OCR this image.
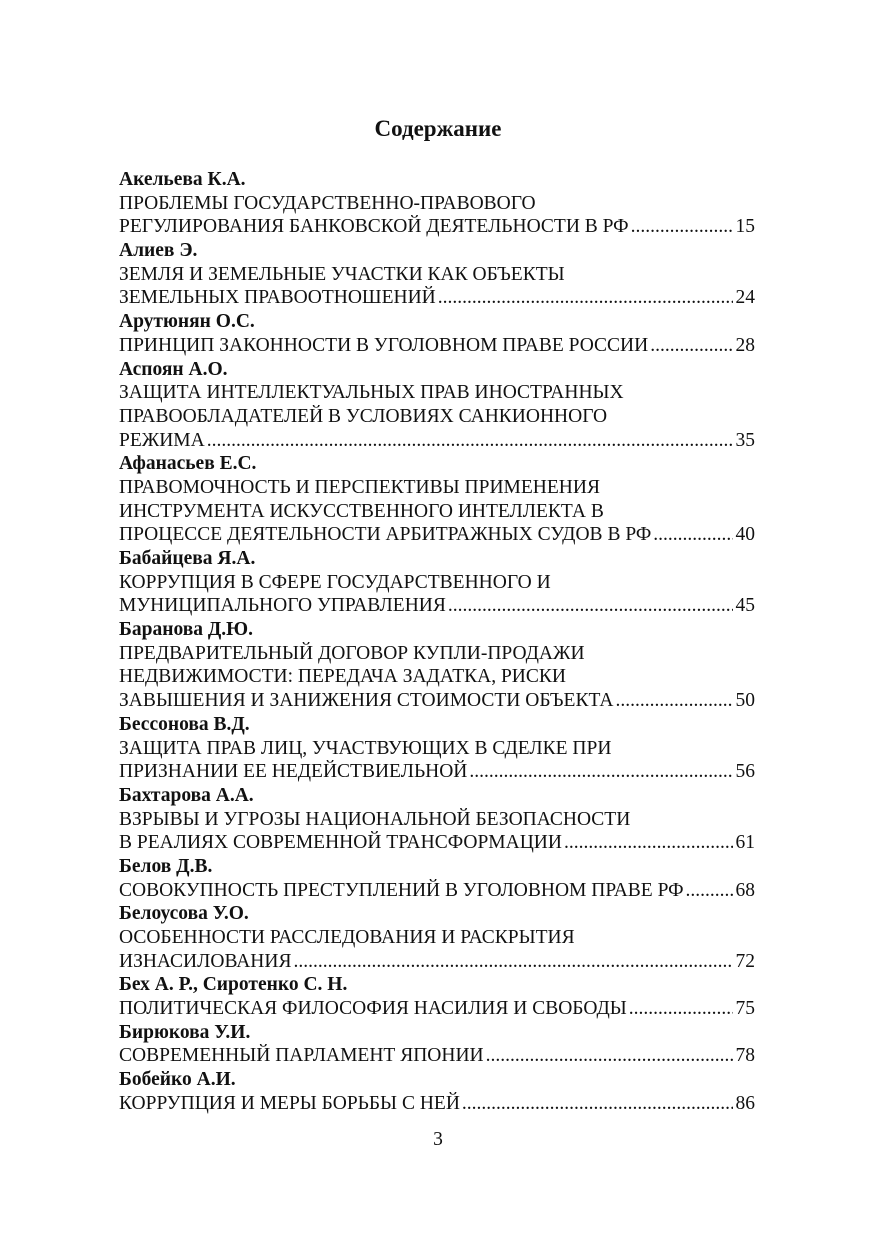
Содержание
Акельева К.А.
ПРОБЛЕМЫ ГОСУДАРСТВЕННО-ПРАВОВОГО
РЕГУЛИРОВАНИЯ БАНКОВСКОЙ ДЕЯТЕЛЬНОСТИ В РФ .....	15
Алиев Э.
ЗЕМЛЯ И ЗЕМЕЛЬНЫЕ УЧАСТКИ КАК ОБЪЕКТЫ
ЗЕМЕЛЬНЫХ ПРАВООТНОШЕНИЙ .....	24
Арутюнян О.С.
ПРИНЦИП ЗАКОННОСТИ В УГОЛОВНОМ ПРАВЕ РОССИИ .....	28
Аспоян А.О.
ЗАЩИТА ИНТЕЛЛЕКТУАЛЬНЫХ ПРАВ ИНОСТРАННЫХ
ПРАВООБЛАДАТЕЛЕЙ В УСЛОВИЯХ САНКИОННОГО
РЕЖИМА .....	35
Афанасьев Е.С.
ПРАВОМОЧНОСТЬ И ПЕРСПЕКТИВЫ ПРИМЕНЕНИЯ
ИНСТРУМЕНТА ИСКУССТВЕННОГО ИНТЕЛЛЕКТА В
ПРОЦЕССЕ ДЕЯТЕЛЬНОСТИ АРБИТРАЖНЫХ СУДОВ В РФ .....	40
Бабайцева Я.А.
КОРРУПЦИЯ В СФЕРЕ ГОСУДАРСТВЕННОГО И
МУНИЦИПАЛЬНОГО УПРАВЛЕНИЯ .....	45
Баранова Д.Ю.
ПРЕДВАРИТЕЛЬНЫЙ ДОГОВОР КУПЛИ-ПРОДАЖИ
НЕДВИЖИМОСТИ: ПЕРЕДАЧА ЗАДАТКА, РИСКИ
ЗАВЫШЕНИЯ И ЗАНИЖЕНИЯ СТОИМОСТИ ОБЪЕКТА .....	50
Бессонова В.Д.
ЗАЩИТА ПРАВ ЛИЦ, УЧАСТВУЮЩИХ В СДЕЛКЕ ПРИ
ПРИЗНАНИИ ЕЕ НЕДЕЙСТВИЕЛЬНОЙ .....	56
Бахтарова А.А.
ВЗРЫВЫ И УГРОЗЫ НАЦИОНАЛЬНОЙ БЕЗОПАСНОСТИ
В РЕАЛИЯХ СОВРЕМЕННОЙ ТРАНСФОРМАЦИИ .....	61
Белов Д.В.
СОВОКУПНОСТЬ ПРЕСТУПЛЕНИЙ В УГОЛОВНОМ ПРАВЕ РФ .....	68
Белоусова У.О.
ОСОБЕННОСТИ РАССЛЕДОВАНИЯ И РАСКРЫТИЯ
ИЗНАСИЛОВАНИЯ .....	72
Бех А. Р., Сиротенко С. Н.
ПОЛИТИЧЕСКАЯ ФИЛОСОФИЯ НАСИЛИЯ И СВОБОДЫ .....	75
Бирюкова У.И.
СОВРЕМЕННЫЙ ПАРЛАМЕНТ ЯПОНИИ .....	78
Бобейко А.И.
КОРРУПЦИЯ И МЕРЫ БОРЬБЫ С НЕЙ .....	86
3
